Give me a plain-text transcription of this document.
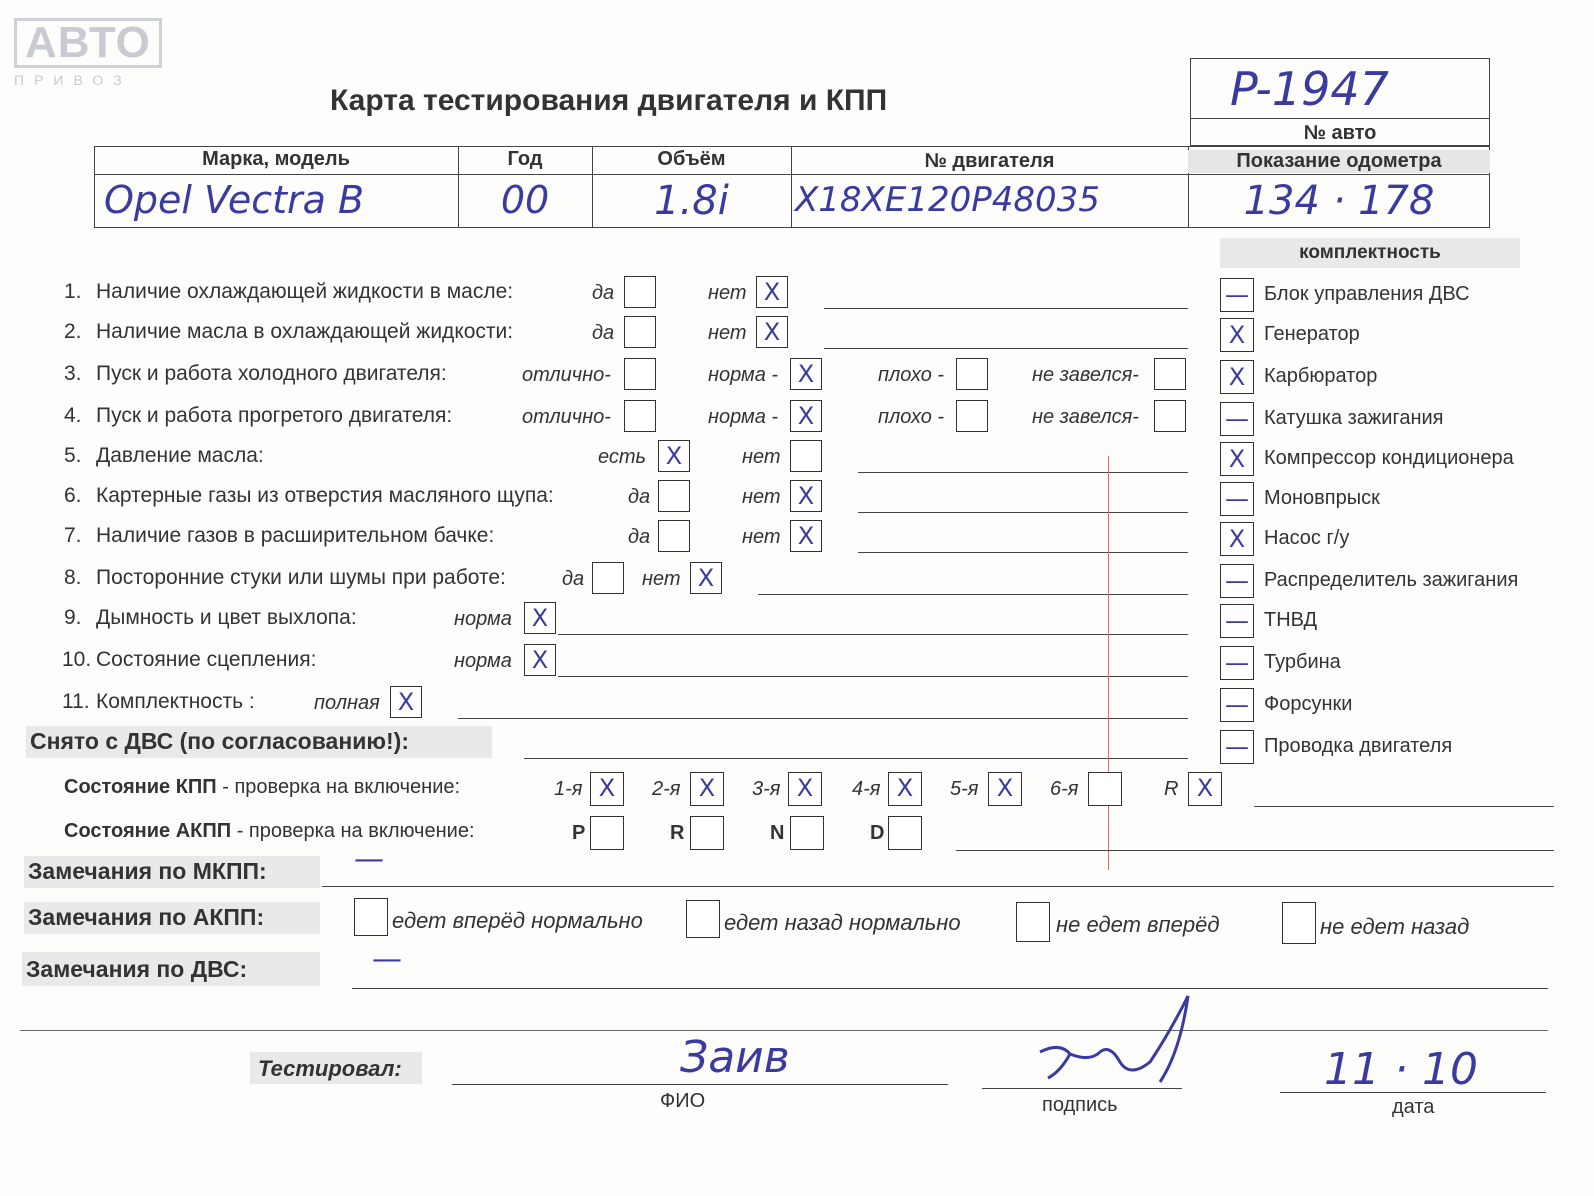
АВТО
ПРИВОЗ
Карта тестирования двигателя и КПП	P-1947
№ авто
Марка, модель	Год	Объём	№ двигателя	Показание одометра
Opel Vectra B	00	1.8i	X18XE120P48035	134 · 178
комплектность
— Блок управления ДВС
X Генератор
X Карбюратор
— Катушка зажигания
X Компрессор кондиционера
— Моновпрыск
X Насос г/у
— Распределитель зажигания
— ТНВД
— Турбина
— Форсунки
— Проводка двигателя
1. Наличие охлаждающей жидкости в масле:	да	нет X
2. Наличие масла в охлаждающей жидкости:	да	нет X
3. Пуск и работа холодного двигателя:	отлично-	норма - X	плохо -	не завелся-
4. Пуск и работа прогретого двигателя:	отлично-	норма - X	плохо -	не завелся-
5. Давление масла:	есть X	нет
6. Картерные газы из отверстия масляного щупа:	да	нет X
7. Наличие газов в расширительном бачке:	да	нет X
8. Посторонние стуки или шумы при работе:	да	нет X
9. Дымность и цвет выхлопа:	норма X
10. Состояние сцепления:	норма X
11. Комплектность :	полная X
Снято с ДВС (по согласованию!):
Состояние КПП - проверка на включение:	1-я X	2-я X	3-я X	4-я X	5-я X	6-я	R X
Состояние АКПП - проверка на включение:	P	R	N	D
Замечания по МКПП:	—
Замечания по АКПП:	едет вперёд нормально	едет назад нормально	не едет вперёд	не едет назад
Замечания по ДВС:	—
Тестировал:	Заив
ФИО	подпись
11 · 10
дата
